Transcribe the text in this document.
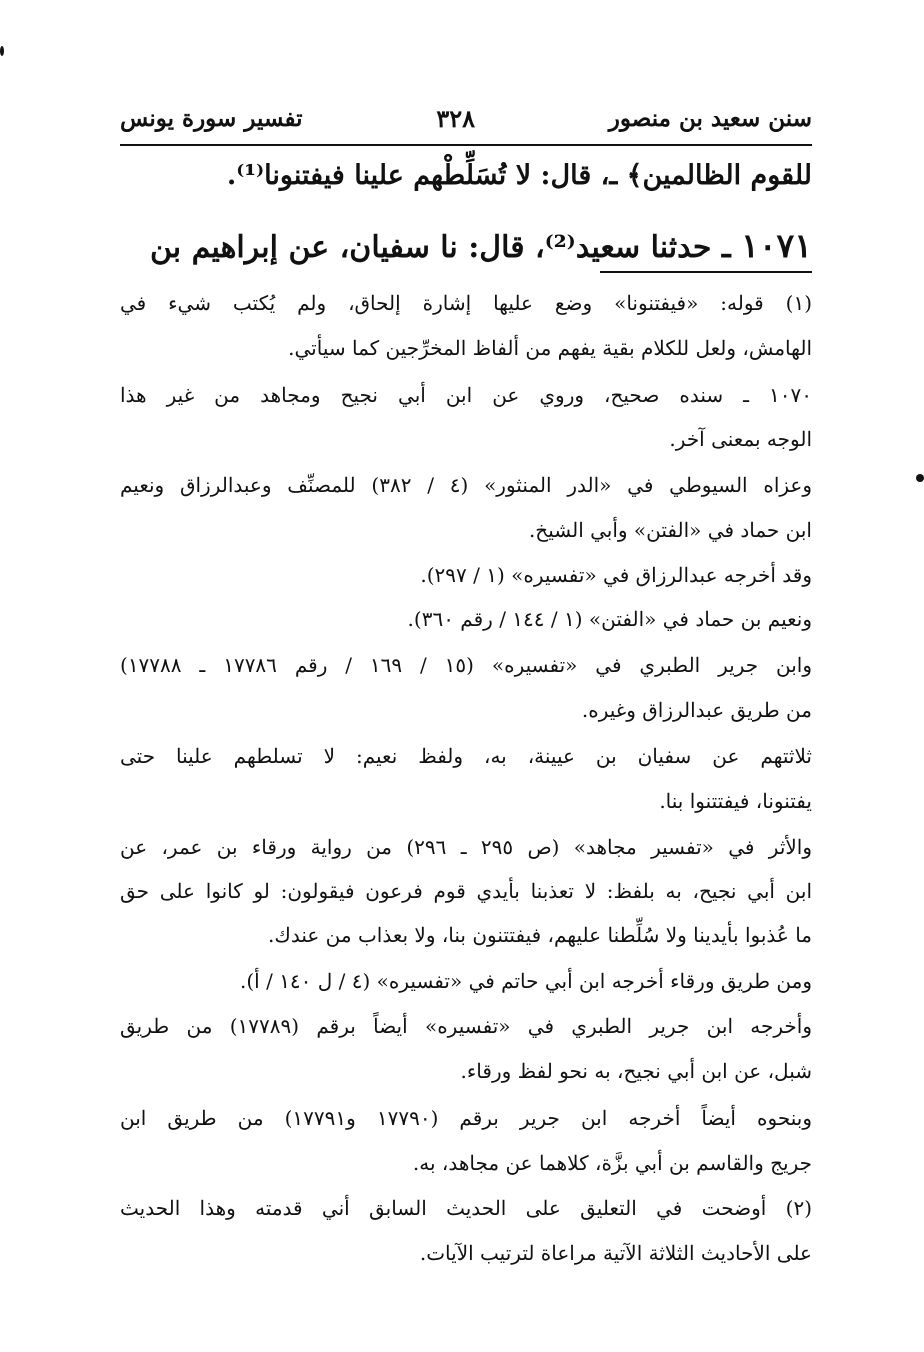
سنن سعيد بن منصور
٣٢٨
تفسير سورة يونس
للقوم الظالمين﴾ ـ، قال: لا تُسَلِّطْهم علينا فيفتنونا⁽¹⁾.
١٠٧١ ـ حدثنا سعيد⁽²⁾، قال: نا سفيان، عن إبراهيم بن
(١) قوله: «فيفتنونا» وضع عليها إشارة إلحاق، ولم يُكتب شيء في
الهامش، ولعل للكلام بقية يفهم من ألفاظ المخرِّجين كما سيأتي.
١٠٧٠ ـ سنده صحيح، وروي عن ابن أبي نجيح ومجاهد من غير هذا
الوجه بمعنى آخر.
وعزاه السيوطي في «الدر المنثور» (٤ / ٣٨٢) للمصنِّف وعبدالرزاق ونعيم
ابن حماد في «الفتن» وأبي الشيخ.
وقد أخرجه عبدالرزاق في «تفسيره» (١ / ٢٩٧).
ونعيم بن حماد في «الفتن» (١ / ١٤٤ / رقم ٣٦٠).
وابن جرير الطبري في «تفسيره» (١٥ / ١٦٩ / رقم ١٧٧٨٦ ـ ١٧٧٨٨)
من طريق عبدالرزاق وغيره.
ثلاثتهم عن سفيان بن عيينة، به، ولفظ نعيم: لا تسلطهم علينا حتى
يفتنونا، فيفتتنوا بنا.
والأثر في «تفسير مجاهد» (ص ٢٩٥ ـ ٢٩٦) من رواية ورقاء بن عمر، عن
ابن أبي نجيح، به بلفظ: لا تعذبنا بأيدي قوم فرعون فيقولون: لو كانوا على حق
ما عُذبوا بأيدينا ولا سُلِّطنا عليهم، فيفتتنون بنا، ولا بعذاب من عندك.
ومن طريق ورقاء أخرجه ابن أبي حاتم في «تفسيره» (٤ / ل ١٤٠ / أ).
وأخرجه ابن جرير الطبري في «تفسيره» أيضاً برقم (١٧٧٨٩) من طريق
شبل، عن ابن أبي نجيح، به نحو لفظ ورقاء.
وبنحوه أيضاً أخرجه ابن جرير برقم (١٧٧٩٠ و١٧٧٩١) من طريق ابن
جريج والقاسم بن أبي بزَّة، كلاهما عن مجاهد، به.
(٢) أوضحت في التعليق على الحديث السابق أني قدمته وهذا الحديث
على الأحاديث الثلاثة الآتية مراعاة لترتيب الآيات.
